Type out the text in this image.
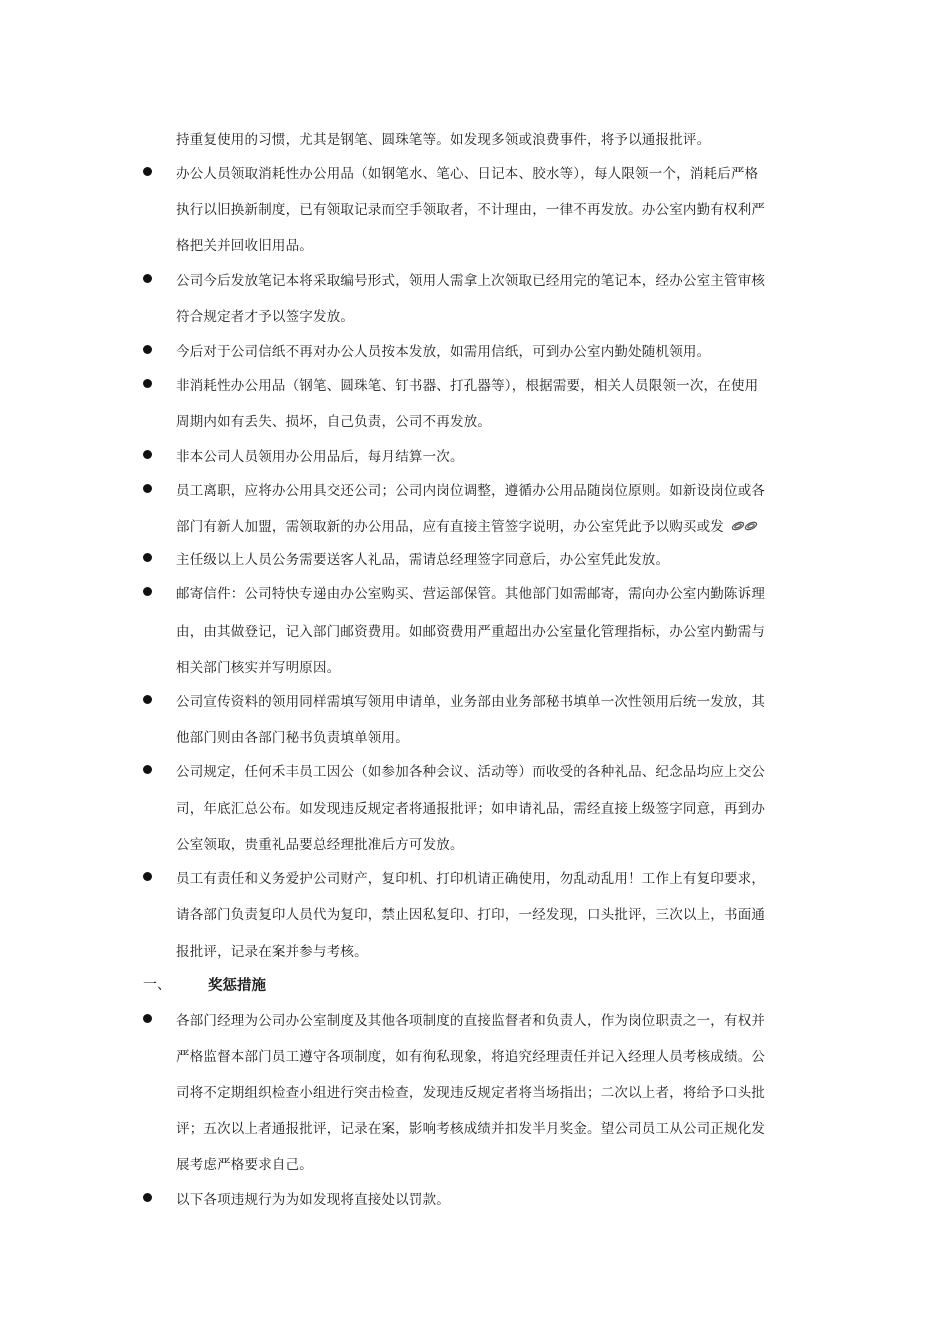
持重复使用的习惯，尤其是钢笔、圆珠笔等。如发现多领或浪费事件，将予以通报批评。
办公人员领取消耗性办公用品（如钢笔水、笔心、日记本、胶水等），每人限领一个，消耗后严格
执行以旧换新制度，已有领取记录而空手领取者，不计理由，一律不再发放。办公室内勤有权利严
格把关并回收旧用品。
公司今后发放笔记本将采取编号形式，领用人需拿上次领取已经用完的笔记本，经办公室主管审核
符合规定者才予以签字发放。
今后对于公司信纸不再对办公人员按本发放，如需用信纸，可到办公室内勤处随机领用。
非消耗性办公用品（钢笔、圆珠笔、钉书器、打孔器等），根据需要，相关人员限领一次，在使用
周期内如有丢失、损坏，自己负责，公司不再发放。
非本公司人员领用办公用品后，每月结算一次。
员工离职，应将办公用具交还公司；公司内岗位调整，遵循办公用品随岗位原则。如新设岗位或各
部门有新人加盟，需领取新的办公用品，应有直接主管签字说明，办公室凭此予以购买或发
主任级以上人员公务需要送客人礼品，需请总经理签字同意后，办公室凭此发放。
邮寄信件：公司特快专递由办公室购买、营运部保管。其他部门如需邮寄，需向办公室内勤陈诉理
由，由其做登记，记入部门邮资费用。如邮资费用严重超出办公室量化管理指标，办公室内勤需与
相关部门核实并写明原因。
公司宣传资料的领用同样需填写领用申请单，业务部由业务部秘书填单一次性领用后统一发放，其
他部门则由各部门秘书负责填单领用。
公司规定，任何禾丰员工因公（如参加各种会议、活动等）而收受的各种礼品、纪念品均应上交公
司，年底汇总公布。如发现违反规定者将通报批评；如申请礼品，需经直接上级签字同意，再到办
公室领取，贵重礼品要总经理批准后方可发放。
员工有责任和义务爱护公司财产，复印机、打印机请正确使用，勿乱动乱用！工作上有复印要求，
请各部门负责复印人员代为复印，禁止因私复印、打印，一经发现，口头批评，三次以上，书面通
报批评，记录在案并参与考核。
一、	奖惩措施
各部门经理为公司办公室制度及其他各项制度的直接监督者和负责人，作为岗位职责之一，有权并
严格监督本部门员工遵守各项制度，如有徇私现象，将追究经理责任并记入经理人员考核成绩。公
司将不定期组织检查小组进行突击检查，发现违反规定者将当场指出；二次以上者，将给予口头批
评；五次以上者通报批评，记录在案，影响考核成绩并扣发半月奖金。望公司员工从公司正规化发
展考虑严格要求自己。
以下各项违规行为为如发现将直接处以罚款。
